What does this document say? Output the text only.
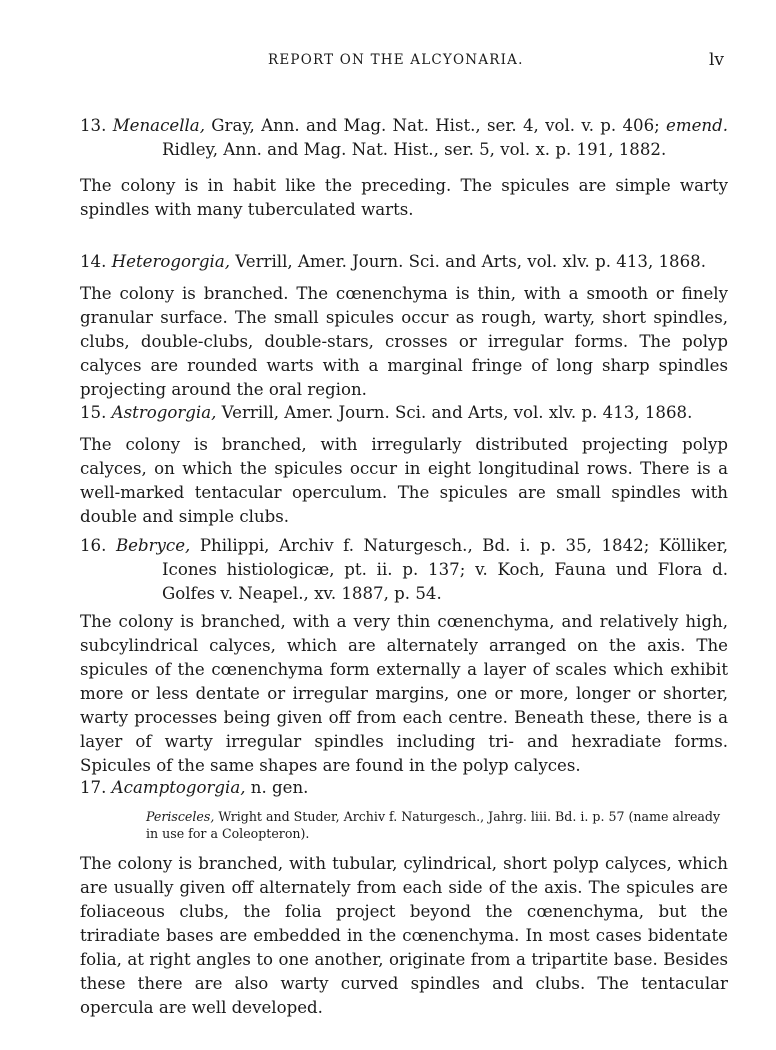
REPORT ON THE ALCYONARIA.	lv
13. Menacella, Gray, Ann. and Mag. Nat. Hist., ser. 4, vol. v. p. 406; emend. Ridley, Ann. and Mag. Nat. Hist., ser. 5, vol. x. p. 191, 1882.
The colony is in habit like the preceding. The spicules are simple warty spindles with many tuberculated warts.
14. Heterogorgia, Verrill, Amer. Journ. Sci. and Arts, vol. xlv. p. 413, 1868.
The colony is branched. The cœnenchyma is thin, with a smooth or finely granular surface. The small spicules occur as rough, warty, short spindles, clubs, double-clubs, double-stars, crosses or irregular forms. The polyp calyces are rounded warts with a marginal fringe of long sharp spindles projecting around the oral region.
15. Astrogorgia, Verrill, Amer. Journ. Sci. and Arts, vol. xlv. p. 413, 1868.
The colony is branched, with irregularly distributed projecting polyp calyces, on which the spicules occur in eight longitudinal rows. There is a well-marked tentacular operculum. The spicules are small spindles with double and simple clubs.
16. Bebryce, Philippi, Archiv f. Naturgesch., Bd. i. p. 35, 1842; Kölliker, Icones histiologicæ, pt. ii. p. 137; v. Koch, Fauna und Flora d. Golfes v. Neapel., xv. 1887, p. 54.
The colony is branched, with a very thin cœnenchyma, and relatively high, subcylindrical calyces, which are alternately arranged on the axis. The spicules of the cœnenchyma form externally a layer of scales which exhibit more or less dentate or irregular margins, one or more, longer or shorter, warty processes being given off from each centre. Beneath these, there is a layer of warty irregular spindles including tri- and hexradiate forms. Spicules of the same shapes are found in the polyp calyces.
17. Acamptogorgia, n. gen.
Perisceles, Wright and Studer, Archiv f. Naturgesch., Jahrg. liii. Bd. i. p. 57 (name already in use for a Coleopteron).
The colony is branched, with tubular, cylindrical, short polyp calyces, which are usually given off alternately from each side of the axis. The spicules are foliaceous clubs, the folia project beyond the cœnenchyma, but the triradiate bases are embedded in the cœnenchyma. In most cases bidentate folia, at right angles to one another, originate from a tripartite base. Besides these there are also warty curved spindles and clubs. The tentacular opercula are well developed.
